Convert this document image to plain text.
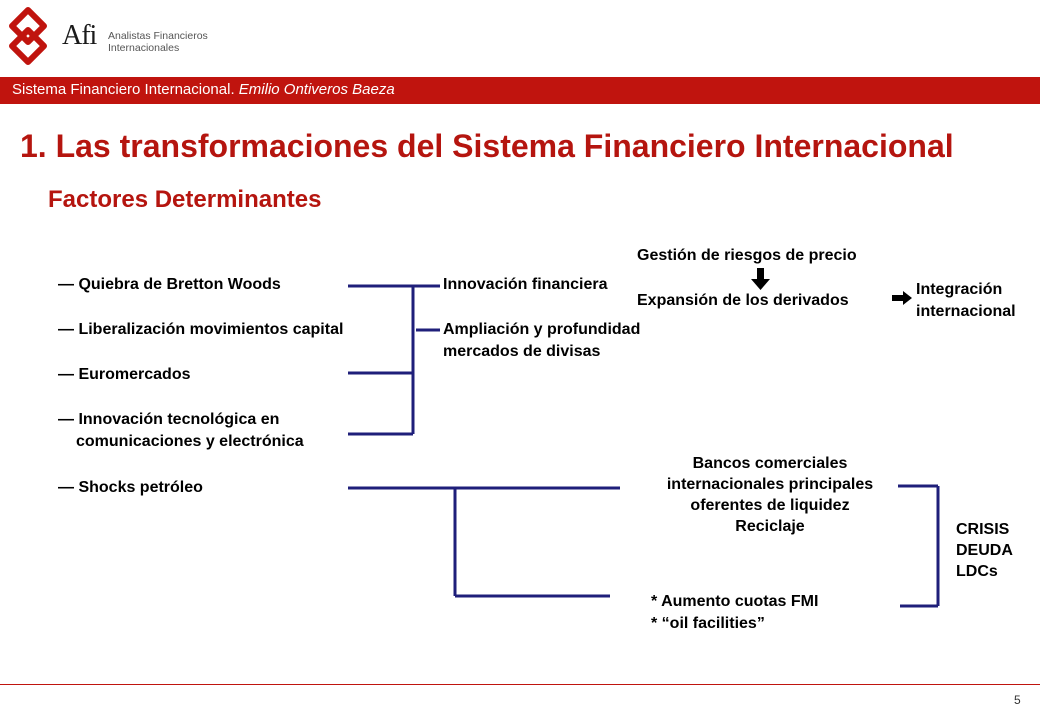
Afi Analistas Financieros
Internacionales
Sistema Financiero Internacional. Emilio Ontiveros Baeza
1. Las transformaciones del Sistema Financiero Internacional
Factores Determinantes
— Quiebra de Bretton Woods
— Liberalización movimientos capital
— Euromercados
— Innovación tecnológica en
comunicaciones y electrónica
— Shocks petróleo
Innovación financiera
Ampliación y profundidad
mercados de divisas
Gestión de riesgos de precio
Expansión de los derivados
Integración
internacional
Bancos comerciales
internacionales principales
oferentes de liquidez
Reciclaje
* Aumento cuotas FMI
* “oil facilities”
CRISIS
DEUDA
LDCs
5
